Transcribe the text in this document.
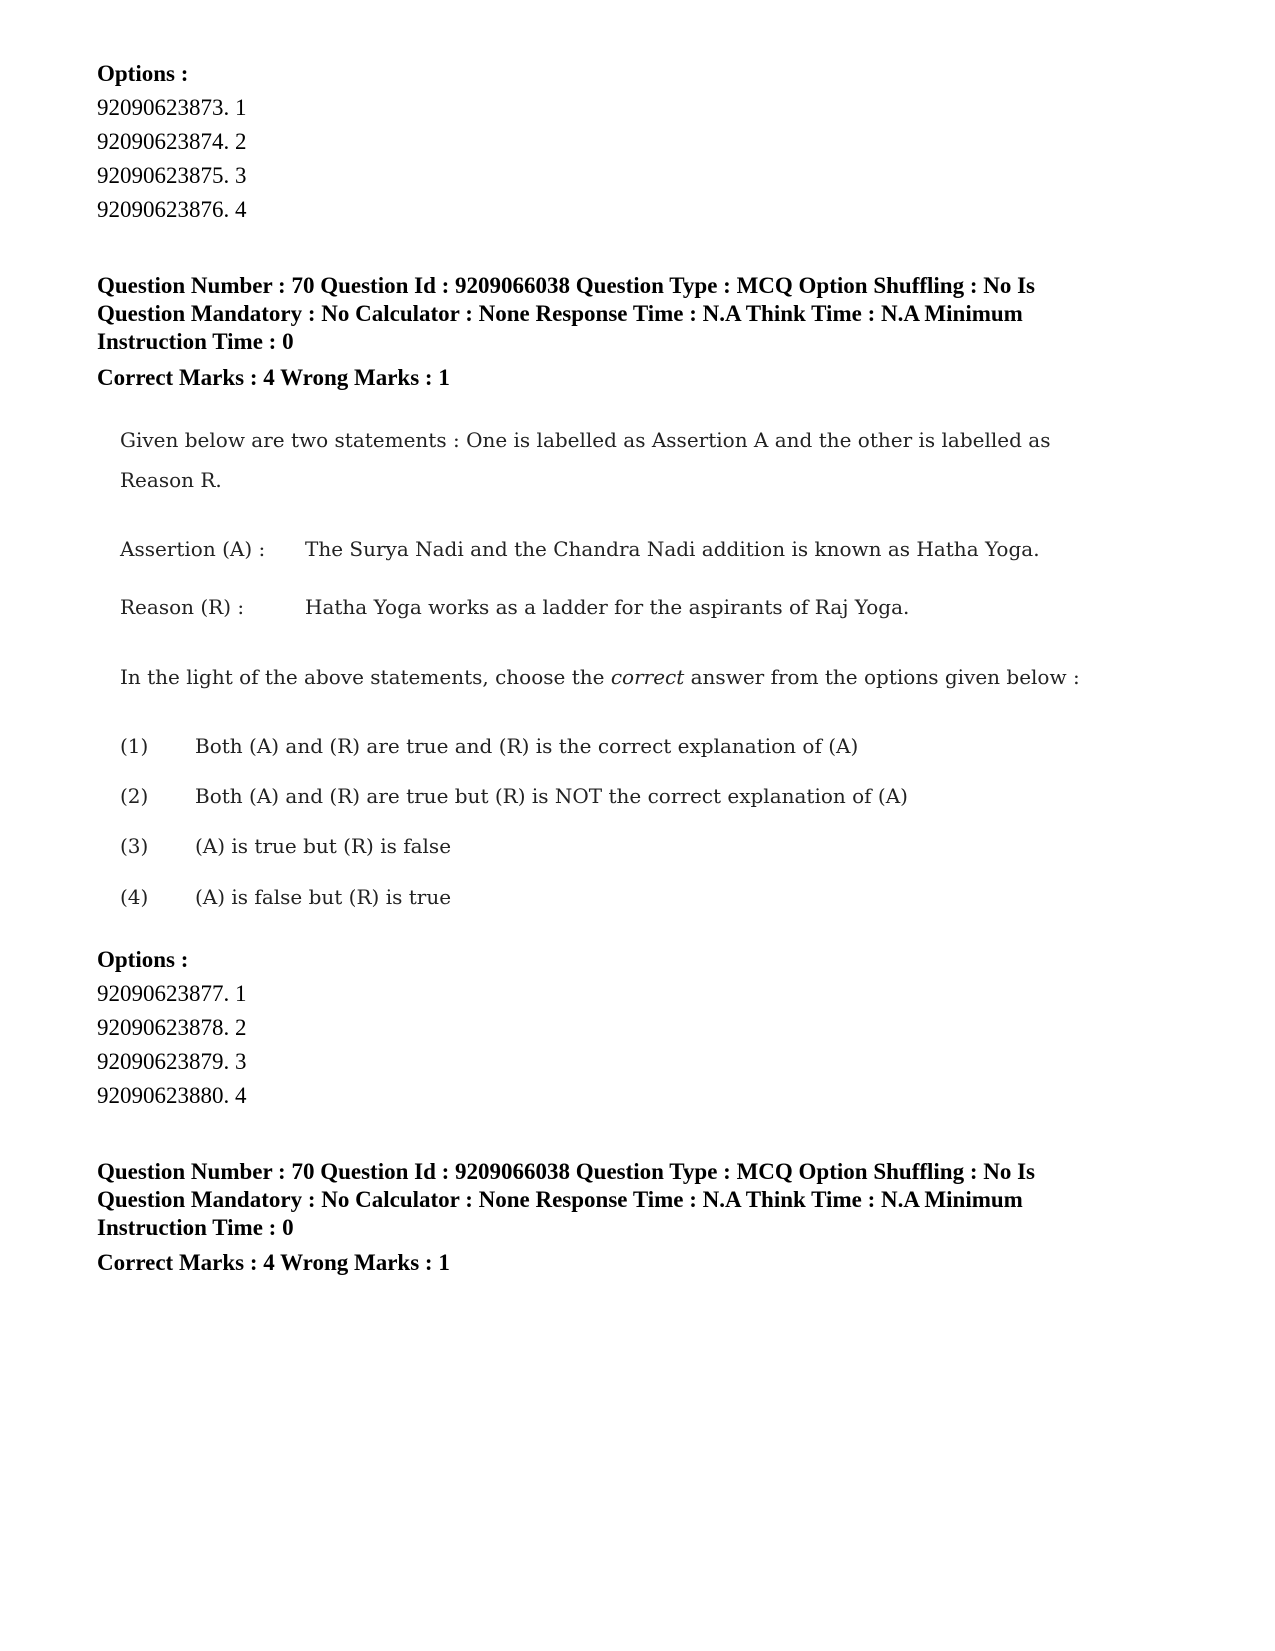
Options :
92090623873. 1
92090623874. 2
92090623875. 3
92090623876. 4
Question Number : 70 Question Id : 9209066038 Question Type : MCQ Option Shuffling : No Is
Question Mandatory : No Calculator : None Response Time : N.A Think Time : N.A Minimum
Instruction Time : 0
Correct Marks : 4 Wrong Marks : 1
Given below are two statements : One is labelled as Assertion A and the other is labelled as
Reason R.
Assertion (A) : The Surya Nadi and the Chandra Nadi addition is known as Hatha Yoga.
Reason (R) :	Hatha Yoga works as a ladder for the aspirants of Raj Yoga.
In the light of the above statements, choose the correct answer from the options given below :
(1) Both (A) and (R) are true and (R) is the correct explanation of (A)
(2) Both (A) and (R) are true but (R) is NOT the correct explanation of (A)
(3) (A) is true but (R) is false
(4) (A) is false but (R) is true
Options :
92090623877. 1
92090623878. 2
92090623879. 3
92090623880. 4
Question Number : 70 Question Id : 9209066038 Question Type : MCQ Option Shuffling : No Is
Question Mandatory : No Calculator : None Response Time : N.A Think Time : N.A Minimum
Instruction Time : 0
Correct Marks : 4 Wrong Marks : 1
